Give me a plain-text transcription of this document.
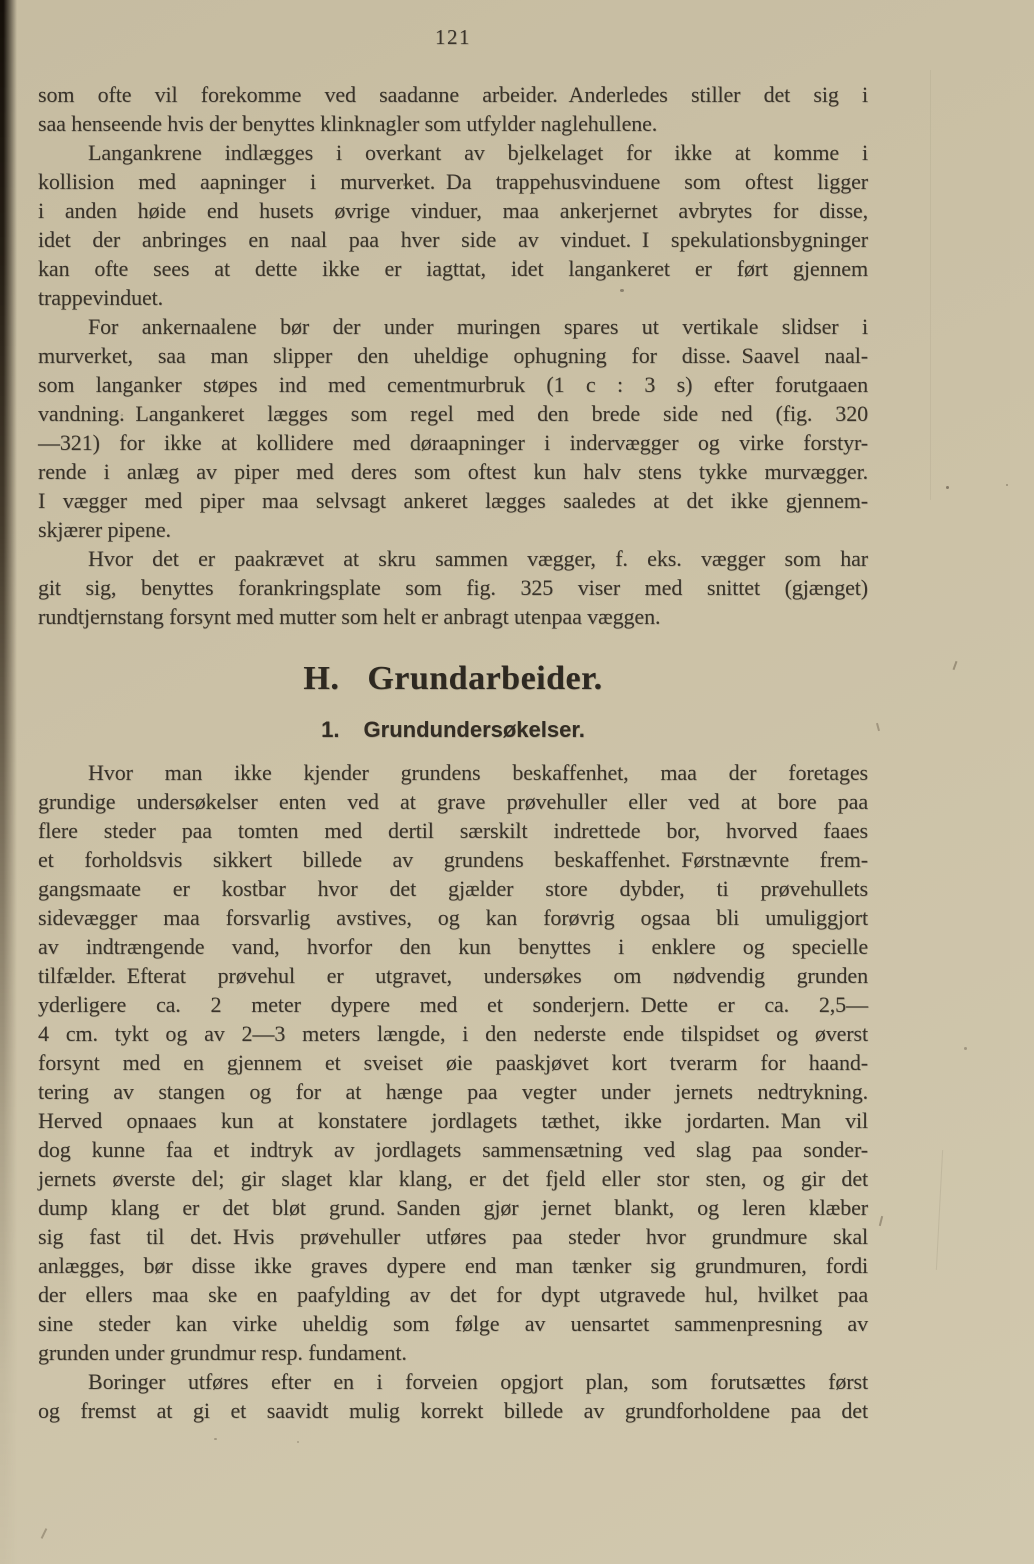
121
som ofte vil forekomme ved saadanne arbeider. Anderledes stiller det sig i
saa henseende hvis der benyttes klinknagler som utfylder naglehullene.
Langankrene indlægges i overkant av bjelkelaget for ikke at komme i
kollision med aapninger i murverket. Da trappehusvinduene som oftest ligger
i anden høide end husets øvrige vinduer, maa ankerjernet avbrytes for disse,
idet der anbringes en naal paa hver side av vinduet. I spekulationsbygninger
kan ofte sees at dette ikke er iagttat, idet langankeret er ført gjennem
trappevinduet.
For ankernaalene bør der under muringen spares ut vertikale slidser i
murverket, saa man slipper den uheldige ophugning for disse. Saavel naal-
som langanker støpes ind med cementmurbruk (1 c : 3 s) efter forutgaaen
vandning. Langankeret lægges som regel med den brede side ned (fig. 320
—321) for ikke at kollidere med døraapninger i indervægger og virke forstyr-
rende i anlæg av piper med deres som oftest kun halv stens tykke murvægger.
I vægger med piper maa selvsagt ankeret lægges saaledes at det ikke gjennem-
skjærer pipene.
Hvor det er paakrævet at skru sammen vægger, f. eks. vægger som har
git sig, benyttes forankringsplate som fig. 325 viser med snittet (gjænget)
rundtjernstang forsynt med mutter som helt er anbragt utenpaa væggen.
H. Grundarbeider.
1. Grundundersøkelser.
Hvor man ikke kjender grundens beskaffenhet, maa der foretages
grundige undersøkelser enten ved at grave prøvehuller eller ved at bore paa
flere steder paa tomten med dertil særskilt indrettede bor, hvorved faaes
et forholdsvis sikkert billede av grundens beskaffenhet. Førstnævnte frem-
gangsmaate er kostbar hvor det gjælder store dybder, ti prøvehullets
sidevægger maa forsvarlig avstives, og kan forøvrig ogsaa bli umuliggjort
av indtrængende vand, hvorfor den kun benyttes i enklere og specielle
tilfælder. Efterat prøvehul er utgravet, undersøkes om nødvendig grunden
yderligere ca. 2 meter dypere med et sonderjern. Dette er ca. 2,5—
4 cm. tykt og av 2—3 meters længde, i den nederste ende tilspidset og øverst
forsynt med en gjennem et sveiset øie paaskjøvet kort tverarm for haand-
tering av stangen og for at hænge paa vegter under jernets nedtrykning.
Herved opnaaes kun at konstatere jordlagets tæthet, ikke jordarten. Man vil
dog kunne faa et indtryk av jordlagets sammensætning ved slag paa sonder-
jernets øverste del; gir slaget klar klang, er det fjeld eller stor sten, og gir det
dump klang er det bløt grund. Sanden gjør jernet blankt, og leren klæber
sig fast til det. Hvis prøvehuller utføres paa steder hvor grundmure skal
anlægges, bør disse ikke graves dypere end man tænker sig grundmuren, fordi
der ellers maa ske en paafylding av det for dypt utgravede hul, hvilket paa
sine steder kan virke uheldig som følge av uensartet sammenpresning av
grunden under grundmur resp. fundament.
Boringer utføres efter en i forveien opgjort plan, som forutsættes først
og fremst at gi et saavidt mulig korrekt billede av grundforholdene paa det
